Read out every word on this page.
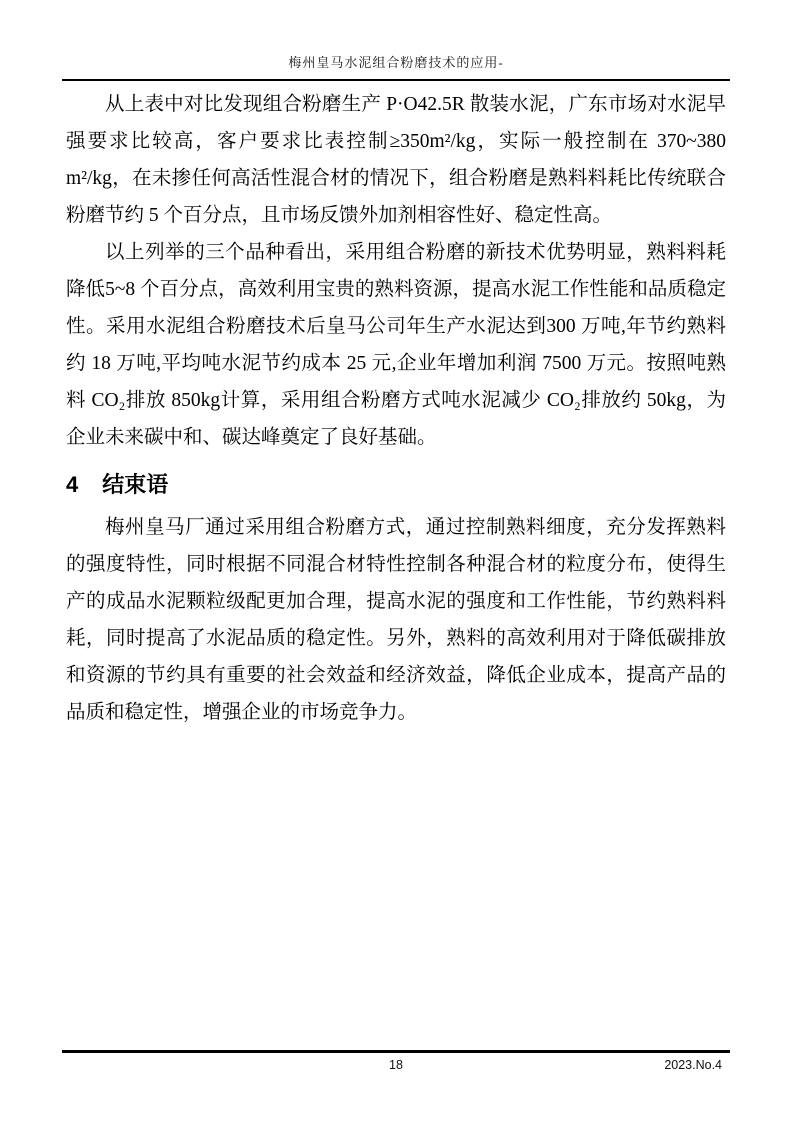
梅州皇马水泥组合粉磨技术的应用-

从上表中对比发现组合粉磨生产 P·O42.5R 散装水泥，广东市场对水泥早强要求比较高，客户要求比表控制≥350m²/kg，实际一般控制在 370~380 m²/kg，在未掺任何高活性混合材的情况下，组合粉磨是熟料料耗比传统联合粉磨节约 5 个百分点，且市场反馈外加剂相容性好、稳定性高。

以上列举的三个品种看出，采用组合粉磨的新技术优势明显，熟料料耗降低5~8 个百分点，高效利用宝贵的熟料资源，提高水泥工作性能和品质稳定性。采用水泥组合粉磨技术后皇马公司年生产水泥达到300 万吨,年节约熟料约 18 万吨,平均吨水泥节约成本 25 元,企业年增加利润 7500 万元。按照吨熟料 CO₂排放 850kg计算，采用组合粉磨方式吨水泥减少 CO₂排放约 50kg，为企业未来碳中和、碳达峰奠定了良好基础。

4 结束语

梅州皇马厂通过采用组合粉磨方式，通过控制熟料细度，充分发挥熟料的强度特性，同时根据不同混合材特性控制各种混合材的粒度分布，使得生产的成品水泥颗粒级配更加合理，提高水泥的强度和工作性能，节约熟料料耗，同时提高了水泥品质的稳定性。另外，熟料的高效利用对于降低碳排放和资源的节约具有重要的社会效益和经济效益，降低企业成本，提高产品的品质和稳定性，增强企业的市场竞争力。

18	2023.No.4
